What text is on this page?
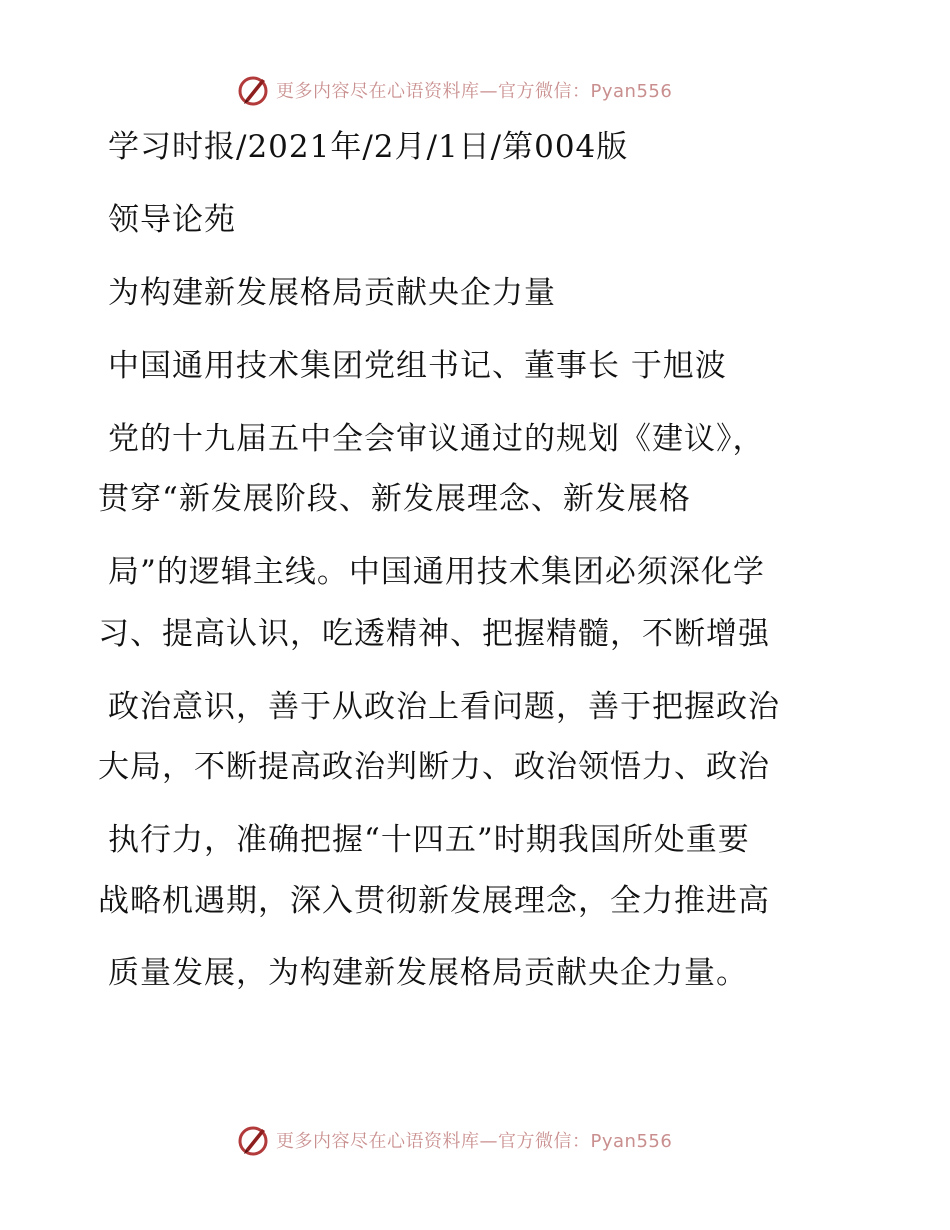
更多内容尽在心语资料库—官方微信：Pyan556

学习时报/2021年/2月/1日/第004版

领导论苑

为构建新发展格局贡献央企力量

中国通用技术集团党组书记、董事长 于旭波

党的十九届五中全会审议通过的规划《建议》，

贯穿“新发展阶段、新发展理念、新发展格

局”的逻辑主线。中国通用技术集团必须深化学

习、提高认识，吃透精神、把握精髓，不断增强

政治意识，善于从政治上看问题，善于把握政治

大局，不断提高政治判断力、政治领悟力、政治

执行力，准确把握“十四五”时期我国所处重要

战略机遇期，深入贯彻新发展理念，全力推进高

质量发展，为构建新发展格局贡献央企力量。

更多内容尽在心语资料库—官方微信：Pyan556
